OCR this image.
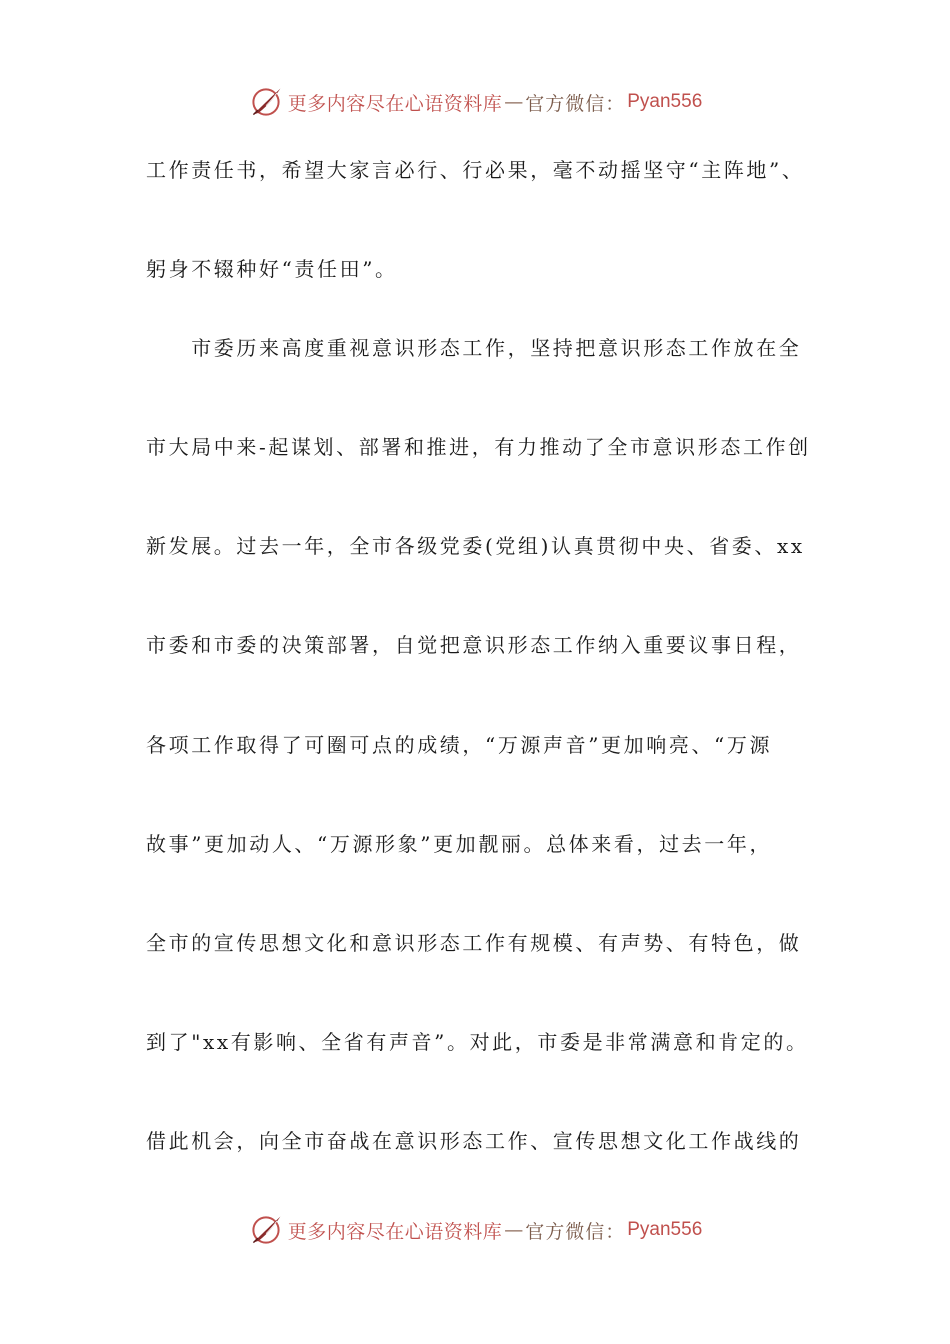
更多内容尽在心语资料库 — 官方微信： Pyan556

工作责任书，希望大家言必行、行必果，毫不动摇坚守“主阵地”、

躬身不辍种好“责任田”。

　　市委历来高度重视意识形态工作，坚持把意识形态工作放在全

市大局中来-起谋划、部署和推进，有力推动了全市意识形态工作创

新发展。过去一年，全市各级党委(党组)认真贯彻中央、省委、xx

市委和市委的决策部署，自觉把意识形态工作纳入重要议事日程，

各项工作取得了可圈可点的成绩，“万源声音”更加响亮、“万源

故事”更加动人、“万源形象”更加靓丽。总体来看，过去一年，

全市的宣传思想文化和意识形态工作有规模、有声势、有特色，做

到了"xx有影响、全省有声音”。对此，市委是非常满意和肯定的。

借此机会，向全市奋战在意识形态工作、宣传思想文化工作战线的

更多内容尽在心语资料库 — 官方微信： Pyan556
